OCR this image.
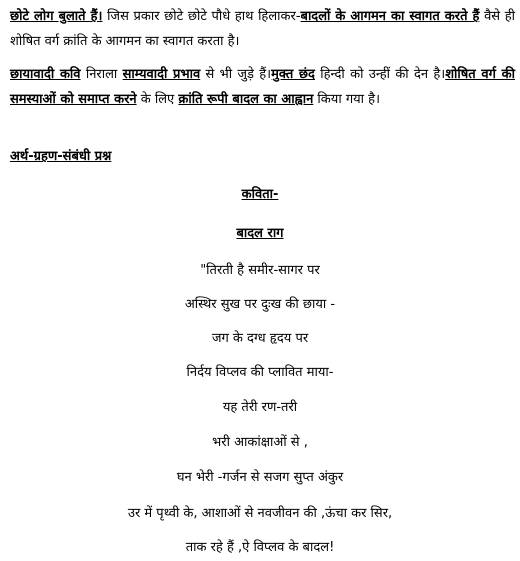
छोटे लोग बुलाते हैं। जिस प्रकार छोटे छोटे पौधे हाथ हिलाकर-बादलों के आगमन का स्वागत करते हैं वैसे ही शोषित वर्ग क्रांति के आगमन का स्वागत करता है।

छायावादी कवि निराला साम्यवादी प्रभाव से भी जुड़े हैं।मुक्त छंद हिन्दी को उन्हीं की देन है।शोषित वर्ग की समस्याओं को समाप्त करने के लिए क्रांति रूपी बादल का आह्वान किया गया है।

अर्थ-ग्रहण-संबंधी प्रश्न

कविता-

बादल राग

"तिरती है समीर-सागर पर

अस्थिर सुख पर दुःख की छाया -

जग के दग्ध हृदय पर

निर्दय विप्लव की प्लावित माया-

यह तेरी रण-तरी

भरी आकांक्षाओं से ,

घन भेरी -गर्जन से सजग सुप्त अंकुर

उर में पृथ्वी के, आशाओं से नवजीवन की ,ऊंचा कर सिर,

ताक रहे हैं ,ऐ विप्लव के बादल!
